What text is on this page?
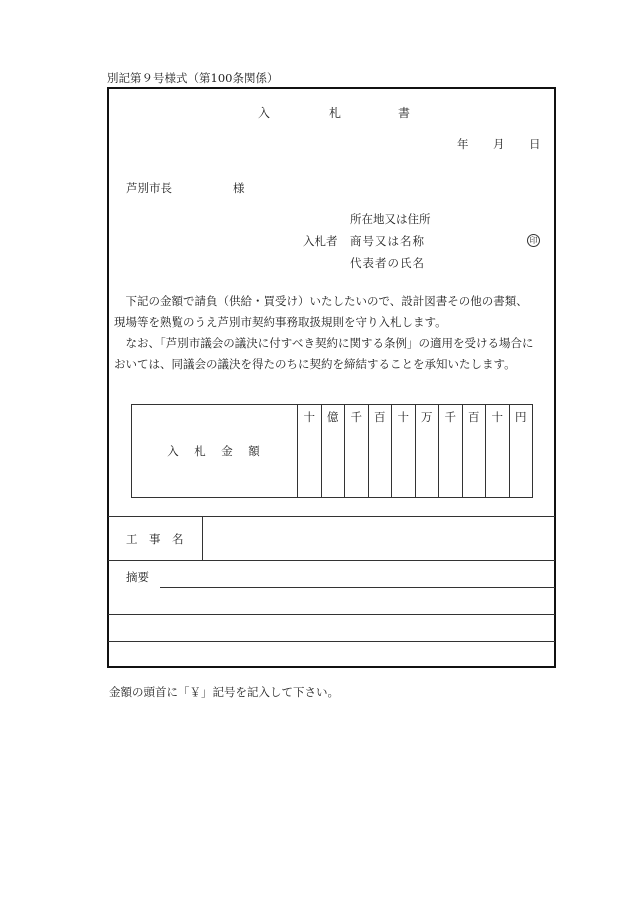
別記第９号様式（第100条関係）
入	札	書
年 月 日
芦別市長	様
所在地又は住所
入札者 商号又は名称	印
代表者の氏名
　下記の金額で請負（供給・買受け）いたしたいので、設計図書その他の書類、
現場等を熟覧のうえ芦別市契約事務取扱規則を守り入札します。
　なお、「芦別市議会の議決に付すべき契約に関する条例」の適用を受ける場合に
おいては、同議会の議決を得たのちに契約を締結することを承知いたします。
入　札　金　額	十	億	千	百	十	万	千	百	十	円
工　事　名
摘要
金額の頭首に「￥」記号を記入して下さい。
